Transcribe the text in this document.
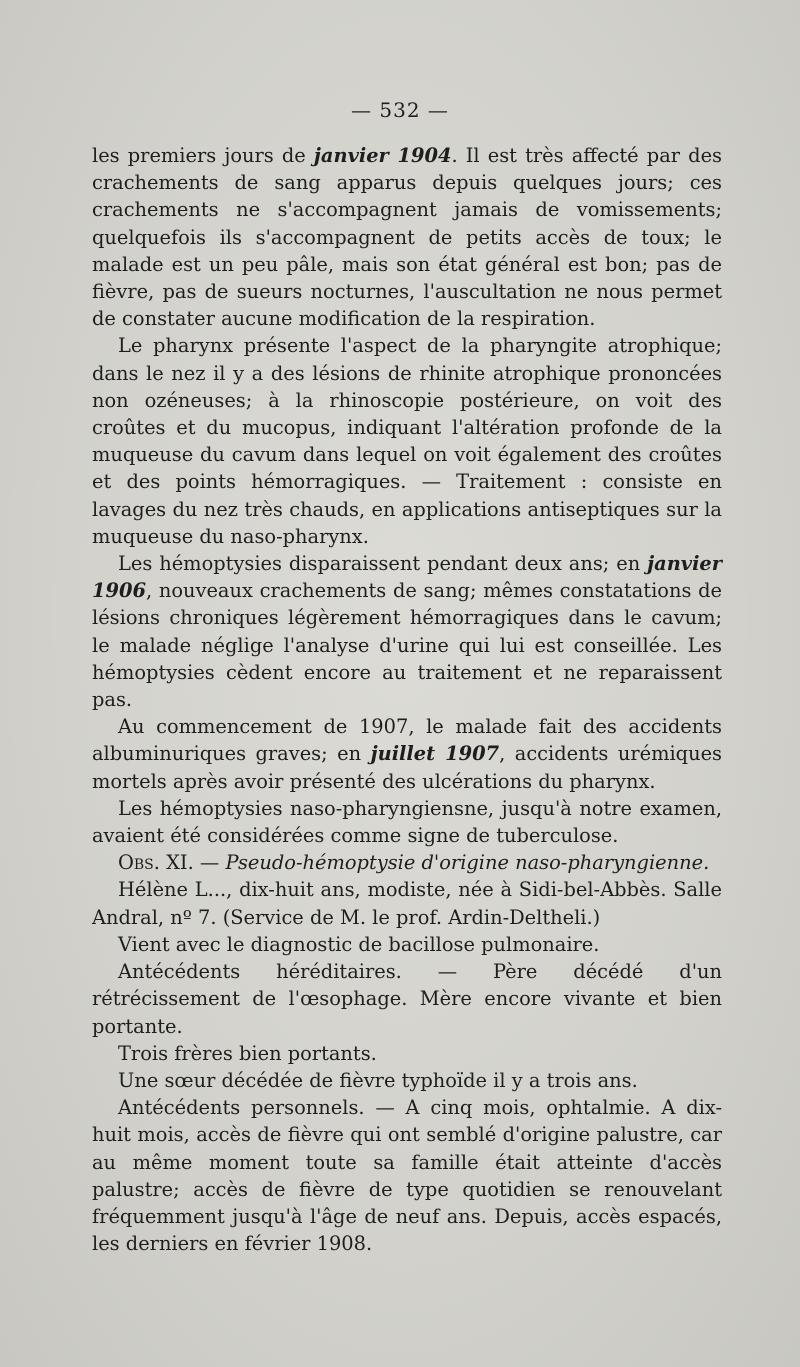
— 532 —

les premiers jours de janvier 1904. Il est très affecté par des crachements de sang apparus depuis quelques jours; ces crachements ne s'accompagnent jamais de vomissements; quelquefois ils s'accompagnent de petits accès de toux; le malade est un peu pâle, mais son état général est bon; pas de fièvre, pas de sueurs nocturnes, l'auscultation ne nous permet de constater aucune modification de la respiration.

Le pharynx présente l'aspect de la pharyngite atrophique; dans le nez il y a des lésions de rhinite atrophique prononcées non ozéneuses; à la rhinoscopie postérieure, on voit des croûtes et du mucopus, indiquant l'altération profonde de la muqueuse du cavum dans lequel on voit également des croûtes et des points hémorragiques. — Traitement : consiste en lavages du nez très chauds, en applications antiseptiques sur la muqueuse du naso-pharynx.

Les hémoptysies disparaissent pendant deux ans; en janvier 1906, nouveaux crachements de sang; mêmes constatations de lésions chroniques légèrement hémorragiques dans le cavum; le malade néglige l'analyse d'urine qui lui est conseillée. Les hémoptysies cèdent encore au traitement et ne reparaissent pas.

Au commencement de 1907, le malade fait des accidents albuminuriques graves; en juillet 1907, accidents urémiques mortels après avoir présenté des ulcérations du pharynx.

Les hémoptysies naso-pharyngiensne, jusqu'à notre examen, avaient été considérées comme signe de tuberculose.

Obs. XI. — Pseudo-hémoptysie d'origine naso-pharyngienne.

Hélène L..., dix-huit ans, modiste, née à Sidi-bel-Abbès. Salle Andral, nº 7. (Service de M. le prof. Ardin-Deltheli.)

Vient avec le diagnostic de bacillose pulmonaire.

Antécédents héréditaires. — Père décédé d'un rétrécissement de l'œsophage. Mère encore vivante et bien portante.

Trois frères bien portants.

Une sœur décédée de fièvre typhoïde il y a trois ans.

Antécédents personnels. — A cinq mois, ophtalmie. A dix-huit mois, accès de fièvre qui ont semblé d'origine palustre, car au même moment toute sa famille était atteinte d'accès palustre; accès de fièvre de type quotidien se renouvelant fréquemment jusqu'à l'âge de neuf ans. Depuis, accès espacés, les derniers en février 1908.
